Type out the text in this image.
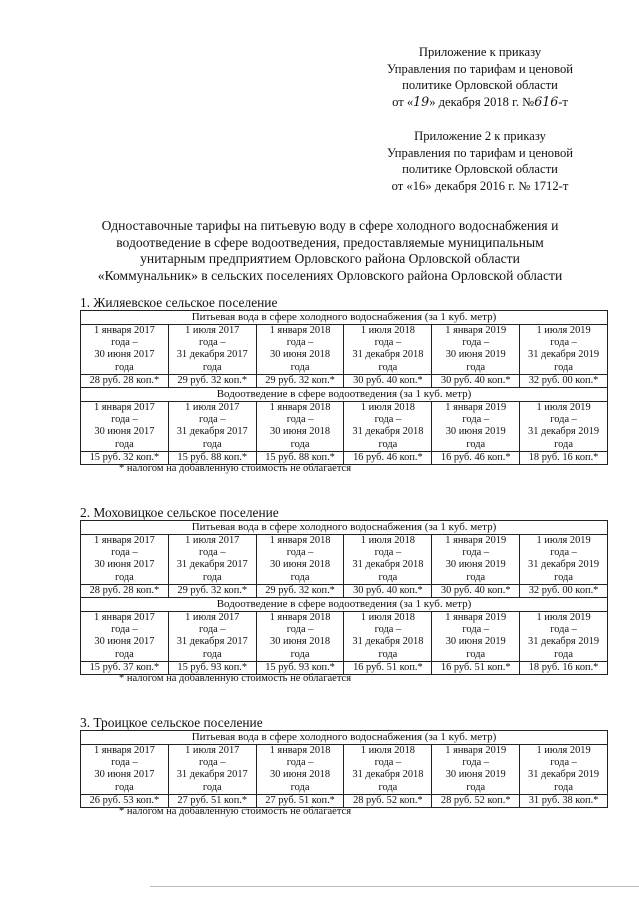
Приложение к приказу
Управления по тарифам и ценовой
политике Орловской области
от «19» декабря 2018 г. №616-т
Приложение 2 к приказу
Управления по тарифам и ценовой
политике Орловской области
от «16» декабря 2016 г. № 1712-т
Одноставочные тарифы на питьевую воду в сфере холодного водоснабжения и
водоотведение в сфере водоотведения, предоставляемые муниципальным
унитарным предприятием Орловского района Орловской области
«Коммунальник» в сельских поселениях Орловского района Орловской области
1. Жиляевское сельское поселение
Питьевая вода в сфере холодного водоснабжения (за 1 куб. метр)					

1 января 2017
года –
30 июня 2017
года	1 июля 2017
года –
31 декабря 2017
года	1 января 2018
года –
30 июня 2018
года	1 июля 2018
года –
31 декабря 2018
года	1 января 2019
года –
30 июня 2019
года	1 июля 2019
года –
31 декабря 2019
года

28 руб. 28 коп.*	29 руб. 32 коп.*	29 руб. 32 коп.*	30 руб. 40 коп.*	30 руб. 40 коп.*	32 руб. 00 коп.*
Водоотведение в сфере водоотведения (за 1 куб. метр)					

1 января 2017
года –
30 июня 2017
года	1 июля 2017
года –
31 декабря 2017
года	1 января 2018
года –
30 июня 2018
года	1 июля 2018
года –
31 декабря 2018
года	1 января 2019
года –
30 июня 2019
года	1 июля 2019
года –
31 декабря 2019
года

15 руб. 32 коп.*	15 руб. 88 коп.*	15 руб. 88 коп.*	16 руб. 46 коп.*	16 руб. 46 коп.*	18 руб. 16 коп.*
* налогом на добавленную стоимость не облагается
2. Моховицкое сельское поселение
Питьевая вода в сфере холодного водоснабжения (за 1 куб. метр)					

1 января 2017
года –
30 июня 2017
года	1 июля 2017
года –
31 декабря 2017
года	1 января 2018
года –
30 июня 2018
года	1 июля 2018
года –
31 декабря 2018
года	1 января 2019
года –
30 июня 2019
года	1 июля 2019
года –
31 декабря 2019
года

28 руб. 28 коп.*	29 руб. 32 коп.*	29 руб. 32 коп.*	30 руб. 40 коп.*	30 руб. 40 коп.*	32 руб. 00 коп.*
Водоотведение в сфере водоотведения (за 1 куб. метр)					

1 января 2017
года –
30 июня 2017
года	1 июля 2017
года –
31 декабря 2017
года	1 января 2018
года –
30 июня 2018
года	1 июля 2018
года –
31 декабря 2018
года	1 января 2019
года –
30 июня 2019
года	1 июля 2019
года –
31 декабря 2019
года

15 руб. 37 коп.*	15 руб. 93 коп.*	15 руб. 93 коп.*	16 руб. 51 коп.*	16 руб. 51 коп.*	18 руб. 16 коп.*
* налогом на добавленную стоимость не облагается
3. Троицкое сельское поселение
Питьевая вода в сфере холодного водоснабжения (за 1 куб. метр)					

1 января 2017
года –
30 июня 2017
года	1 июля 2017
года –
31 декабря 2017
года	1 января 2018
года –
30 июня 2018
года	1 июля 2018
года –
31 декабря 2018
года	1 января 2019
года –
30 июня 2019
года	1 июля 2019
года –
31 декабря 2019
года

26 руб. 53 коп.*	27 руб. 51 коп.*	27 руб. 51 коп.*	28 руб. 52 коп.*	28 руб. 52 коп.*	31 руб. 38 коп.*
* налогом на добавленную стоимость не облагается
